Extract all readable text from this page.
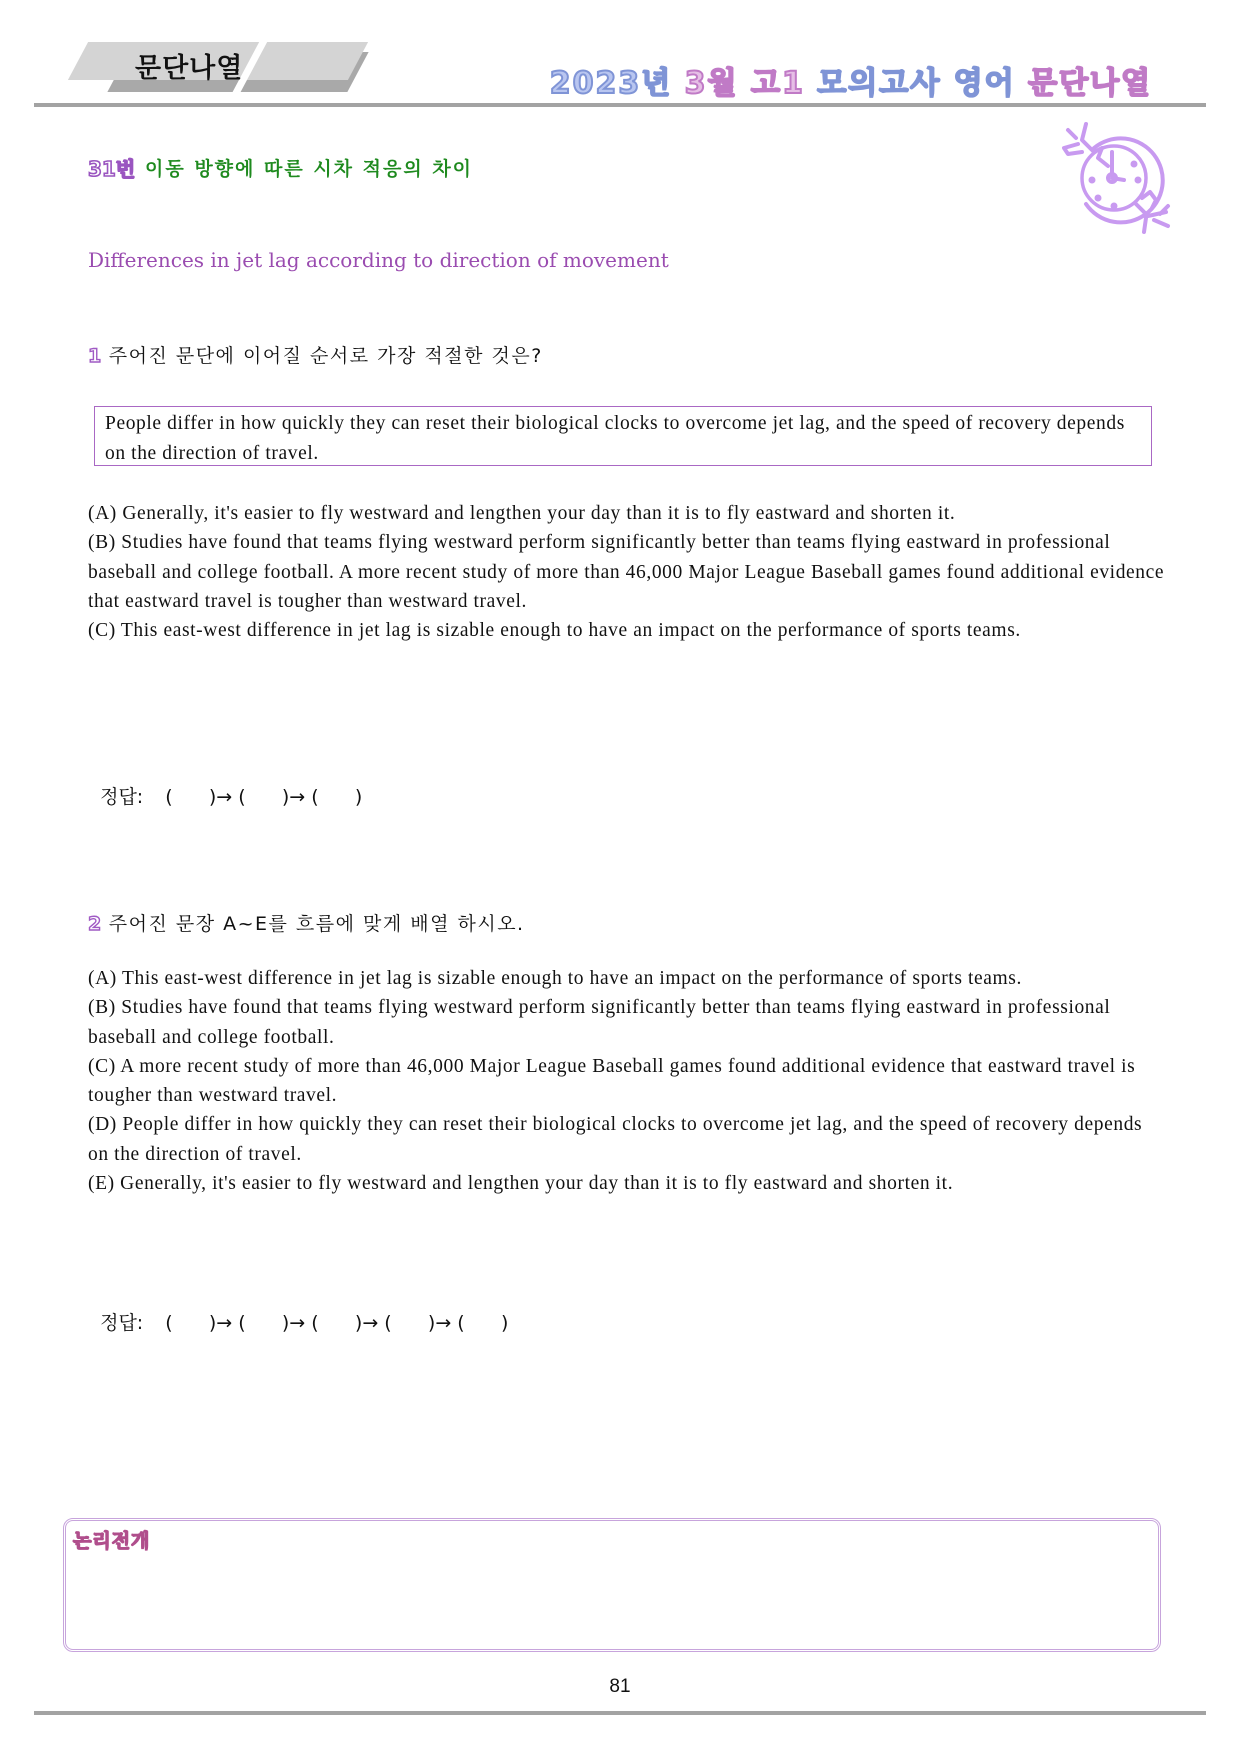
문단나열	2023년 3월 고1 모의고사 영어 문단나열
31번 이동 방향에 따른 시차 적응의 차이
Differences in jet lag according to direction of movement
1 주어진 문단에 이어질 순서로 가장 적절한 것은?
People differ in how quickly they can reset their biological clocks to overcome jet lag, and the speed of recovery depends on the direction of travel.

(A) Generally, it's easier to fly westward and lengthen your day than it is to fly eastward and shorten it.

(B) Studies have found that teams flying westward perform significantly better than teams flying eastward in professional baseball and college football. A more recent study of more than 46,000 Major League Baseball games found additional evidence that eastward travel is tougher than westward travel.

(C) This east-west difference in jet lag is sizable enough to have an impact on the performance of sports teams.

정답: (      )→ (      )→ (      )

2 주어진 문장 A~E를 흐름에 맞게 배열 하시오.

(A) This east-west difference in jet lag is sizable enough to have an impact on the performance of sports teams.

(B) Studies have found that teams flying westward perform significantly better than teams flying eastward in professional baseball and college football.

(C) A more recent study of more than 46,000 Major League Baseball games found additional evidence that eastward travel is tougher than westward travel.

(D) People differ in how quickly they can reset their biological clocks to overcome jet lag, and the speed of recovery depends on the direction of travel.

(E) Generally, it's easier to fly westward and lengthen your day than it is to fly eastward and shorten it.

정답: (      )→ (      )→ (      )→ (      )→ (      )

논리전개
81
